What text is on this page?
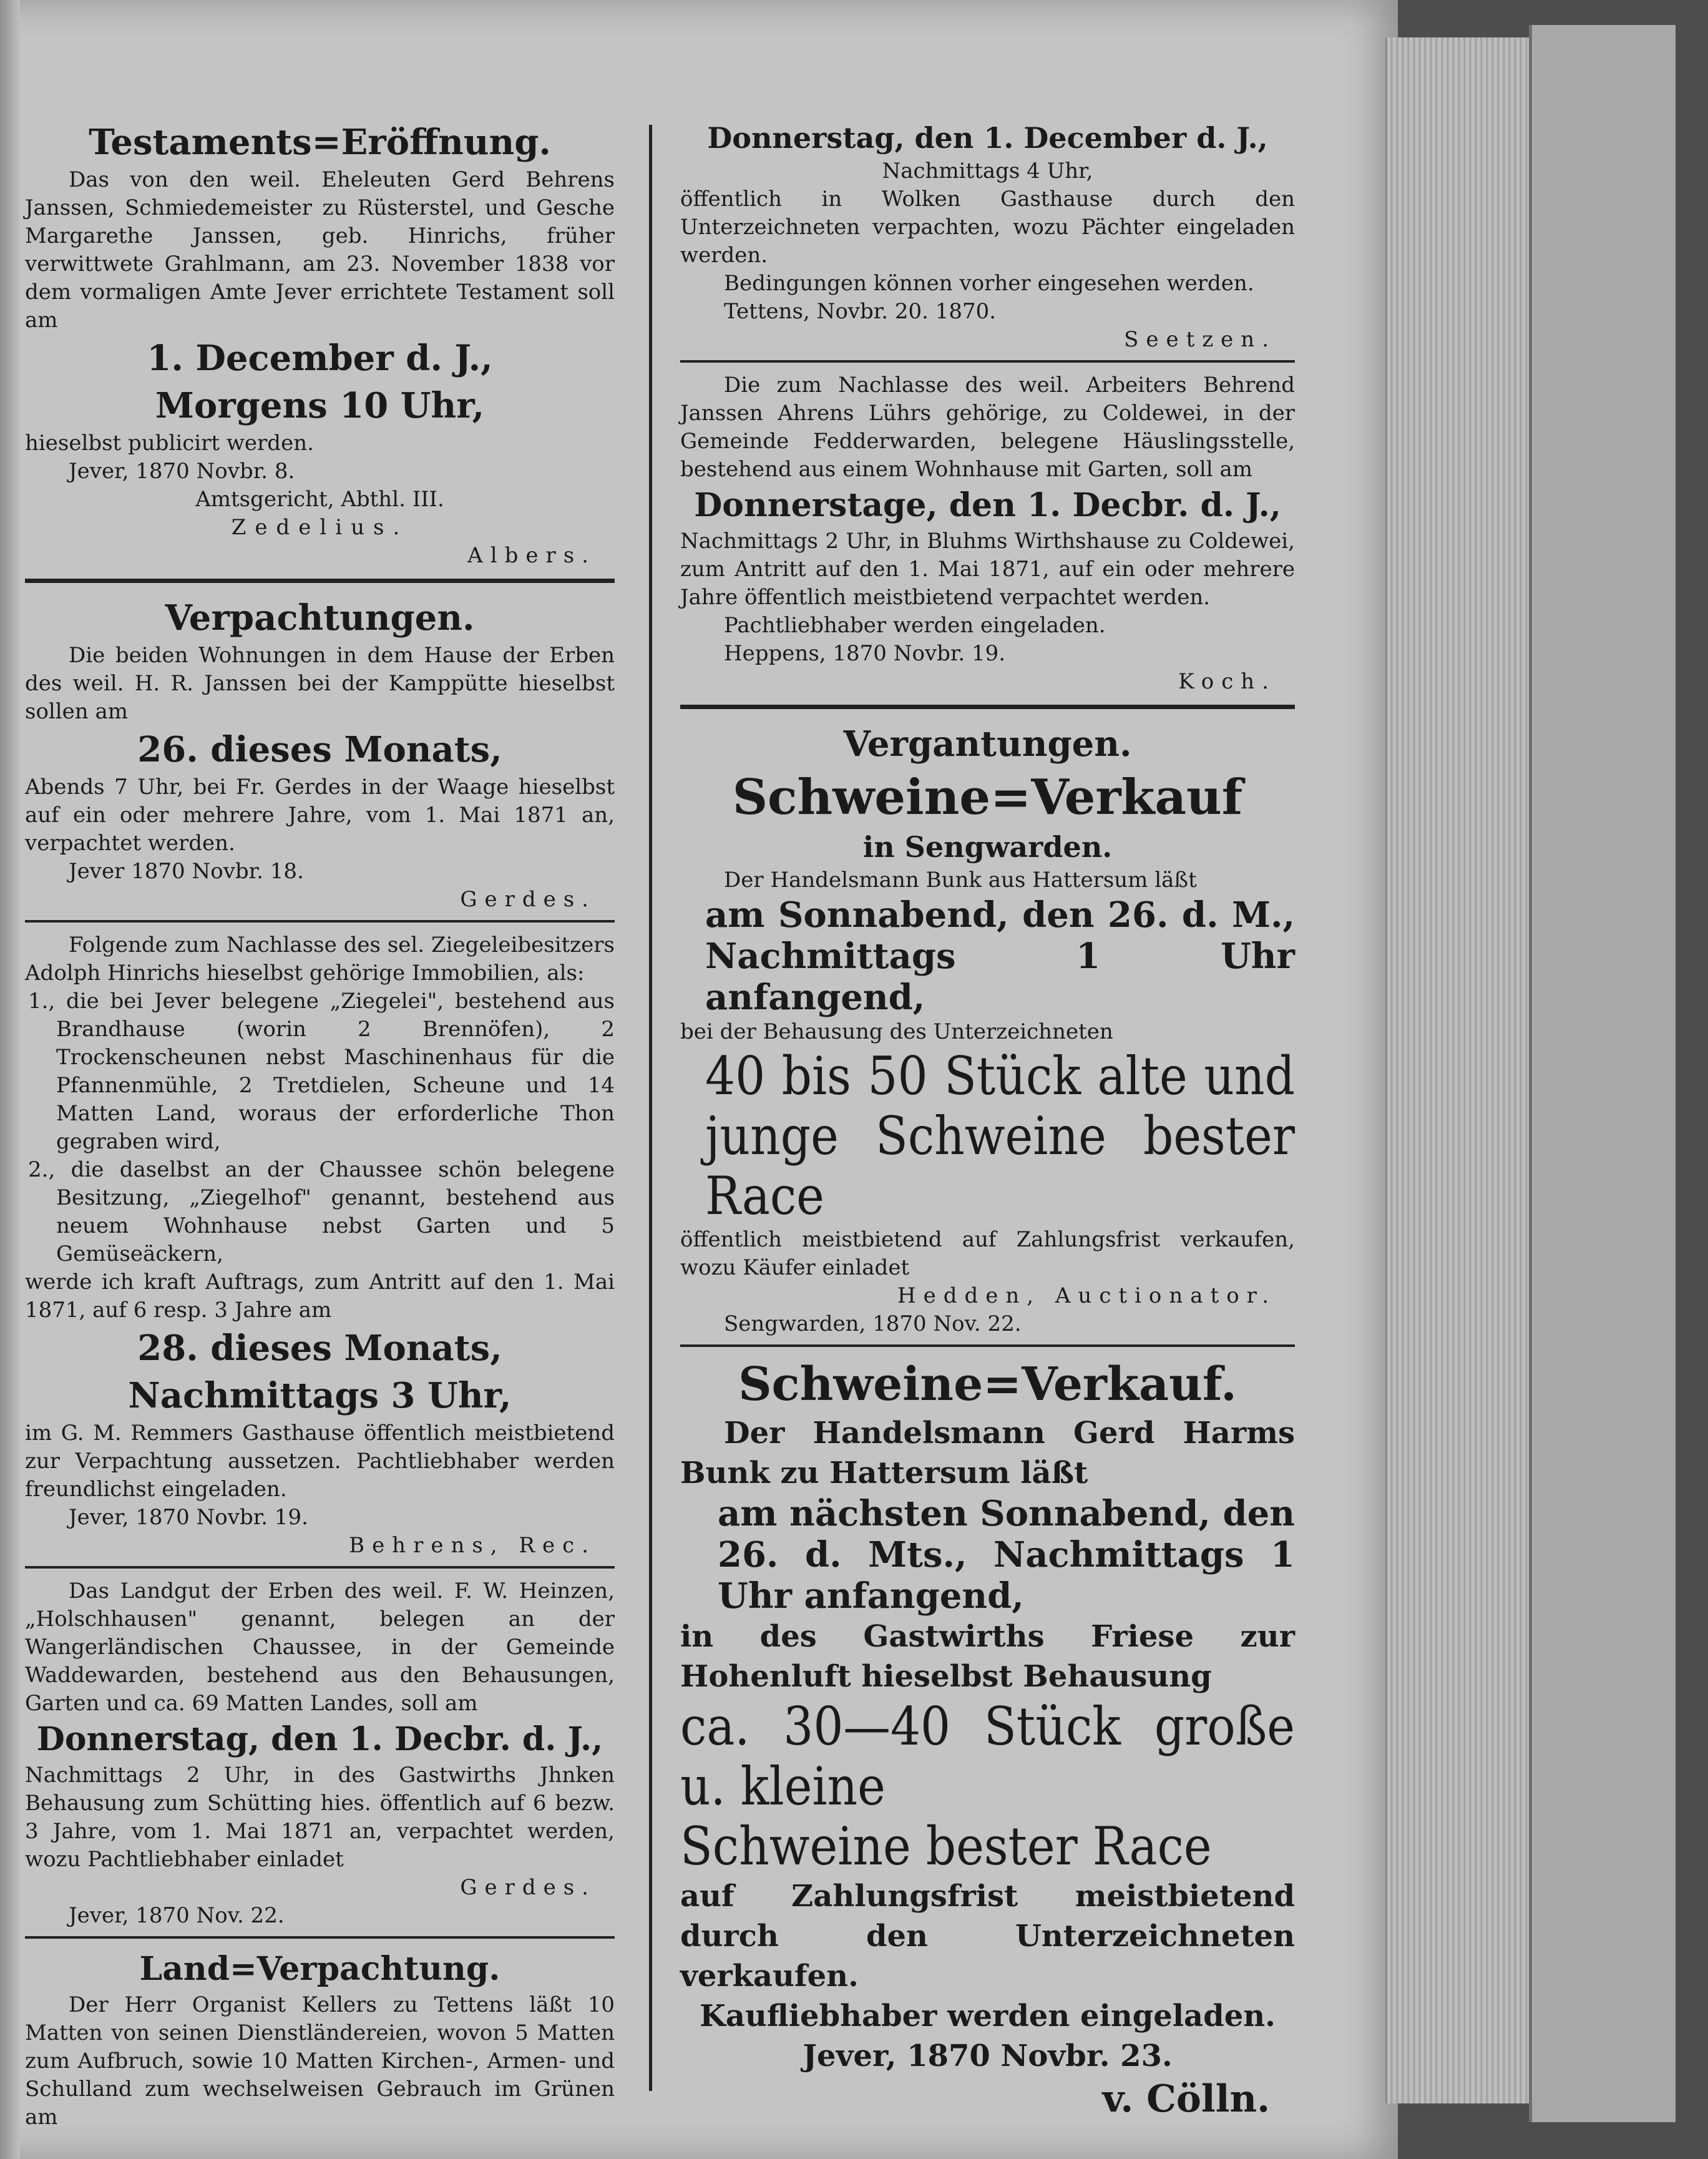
Testaments=Eröffnung.

Das von den weil. Eheleuten Gerd Behrens Janssen, Schmiedemeister zu Rüsterstel, und Gesche Margarethe Janssen, geb. Hinrichs, früher verwittwete Grahlmann, am 23. November 1838 vor dem vormaligen Amte Jever errichtete Testament soll am

1. December d. J.,

Morgens 10 Uhr,

hieselbst publicirt werden.

Jever, 1870 Novbr. 8.

Amtsgericht, Abthl. III.

Zedelius.

Albers.

Verpachtungen.

Die beiden Wohnungen in dem Hause der Erben des weil. H. R. Janssen bei der Kamppütte hieselbst sollen am

26. dieses Monats,

Abends 7 Uhr, bei Fr. Gerdes in der Waage hieselbst auf ein oder mehrere Jahre, vom 1. Mai 1871 an, verpachtet werden.

Jever 1870 Novbr. 18.

Gerdes.

Folgende zum Nachlasse des sel. Ziegeleibesitzers Adolph Hinrichs hieselbst gehörige Immobilien, als:

1., die bei Jever belegene „Ziegelei", bestehend aus Brandhause (worin 2 Brennöfen), 2 Trockenscheunen nebst Maschinenhaus für die Pfannenmühle, 2 Tretdielen, Scheune und 14 Matten Land, woraus der erforderliche Thon gegraben wird,

2., die daselbst an der Chaussee schön belegene Besitzung, „Ziegelhof" genannt, bestehend aus neuem Wohnhause nebst Garten und 5 Gemüseäckern,

werde ich kraft Auftrags, zum Antritt auf den 1. Mai 1871, auf 6 resp. 3 Jahre am

28. dieses Monats,

Nachmittags 3 Uhr,

im G. M. Remmers Gasthause öffentlich meistbietend zur Verpachtung aussetzen. Pachtliebhaber werden freundlichst eingeladen.

Jever, 1870 Novbr. 19.

Behrens, Rec.

Das Landgut der Erben des weil. F. W. Heinzen, „Holschhausen" genannt, belegen an der Wangerländischen Chaussee, in der Gemeinde Waddewarden, bestehend aus den Behausungen, Garten und ca. 69 Matten Landes, soll am

Donnerstag, den 1. Decbr. d. J.,

Nachmittags 2 Uhr, in des Gastwirths Jhnken Behausung zum Schütting hies. öffentlich auf 6 bezw. 3 Jahre, vom 1. Mai 1871 an, verpachtet werden, wozu Pachtliebhaber einladet

Gerdes.

Jever, 1870 Nov. 22.

Land=Verpachtung.

Der Herr Organist Kellers zu Tettens läßt 10 Matten von seinen Dienstländereien, wovon 5 Matten zum Aufbruch, sowie 10 Matten Kirchen-, Armen- und Schulland zum wechselweisen Gebrauch im Grünen am

Donnerstag, den 1. December d. J.,

Nachmittags 4 Uhr,

öffentlich in Wolken Gasthause durch den Unterzeichneten verpachten, wozu Pächter eingeladen werden.

Bedingungen können vorher eingesehen werden.

Tettens, Novbr. 20. 1870.

Seetzen.

Die zum Nachlasse des weil. Arbeiters Behrend Janssen Ahrens Lührs gehörige, zu Coldewei, in der Gemeinde Fedderwarden, belegene Häuslingsstelle, bestehend aus einem Wohnhause mit Garten, soll am

Donnerstage, den 1. Decbr. d. J.,

Nachmittags 2 Uhr, in Bluhms Wirthshause zu Coldewei, zum Antritt auf den 1. Mai 1871, auf ein oder mehrere Jahre öffentlich meistbietend verpachtet werden.

Pachtliebhaber werden eingeladen.

Heppens, 1870 Novbr. 19.

Koch.

Vergantungen.

Schweine=Verkauf

in Sengwarden.

Der Handelsmann Bunk aus Hattersum läßt

am Sonnabend, den 26. d. M., Nachmittags 1 Uhr anfangend,

bei der Behausung des Unterzeichneten

40 bis 50 Stück alte und junge Schweine bester Race

öffentlich meistbietend auf Zahlungsfrist verkaufen, wozu Käufer einladet

Hedden, Auctionator.

Sengwarden, 1870 Nov. 22.

Schweine=Verkauf.

Der Handelsmann Gerd Harms Bunk zu Hattersum läßt

am nächsten Sonnabend, den 26. d. Mts., Nachmittags 1 Uhr anfangend,

in des Gastwirths Friese zur Hohenluft hieselbst Behausung

ca. 30—40 Stück große u. kleine

Schweine bester Race

auf Zahlungsfrist meistbietend durch den Unterzeichneten verkaufen.

Kaufliebhaber werden eingeladen.

Jever, 1870 Novbr. 23.

v. Cölln.
